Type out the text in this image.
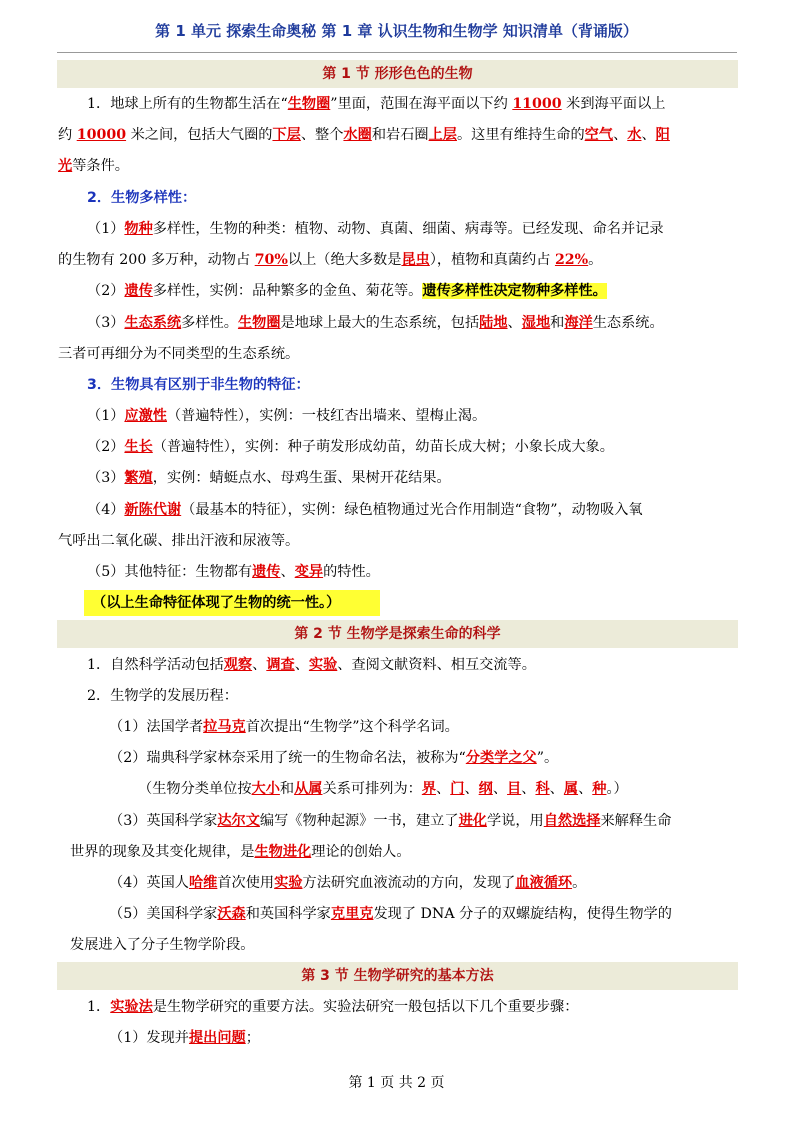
第 1 单元 探索生命奥秘 第 1 章 认识生物和生物学 知识清单（背诵版）
第 1 节 形形色色的生物
1．地球上所有的生物都生活在“生物圈”里面，范围在海平面以下约 11000 米到海平面以上
约 10000 米之间，包括大气圈的下层、整个水圈和岩石圈上层。这里有维持生命的空气、水、阳
光等条件。
2．生物多样性：
（1）物种多样性，生物的种类：植物、动物、真菌、细菌、病毒等。已经发现、命名并记录
的生物有 200 多万种，动物占 70%以上（绝大多数是昆虫），植物和真菌约占 22%。
（2）遗传多样性，实例：品种繁多的金鱼、菊花等。遗传多样性决定物种多样性。
（3）生态系统多样性。生物圈是地球上最大的生态系统，包括陆地、湿地和海洋生态系统。
三者可再细分为不同类型的生态系统。
3．生物具有区别于非生物的特征：
（1）应激性（普遍特性），实例：一枝红杏出墙来、望梅止渴。
（2）生长（普遍特性），实例：种子萌发形成幼苗，幼苗长成大树；小象长成大象。
（3）繁殖，实例：蜻蜓点水、母鸡生蛋、果树开花结果。
（4）新陈代谢（最基本的特征），实例：绿色植物通过光合作用制造“食物”，动物吸入氧
气呼出二氧化碳、排出汗液和尿液等。
（5）其他特征：生物都有遗传、变异的特性。
（以上生命特征体现了生物的统一性。）
第 2 节 生物学是探索生命的科学
1．自然科学活动包括观察、调查、实验、查阅文献资料、相互交流等。
2．生物学的发展历程：
（1）法国学者拉马克首次提出“生物学”这个科学名词。
（2）瑞典科学家林奈采用了统一的生物命名法，被称为“分类学之父”。
（生物分类单位按大小和从属关系可排列为：界、门、纲、目、科、属、种。）
（3）英国科学家达尔文编写《物种起源》一书，建立了进化学说，用自然选择来解释生命
世界的现象及其变化规律，是生物进化理论的创始人。
（4）英国人哈维首次使用实验方法研究血液流动的方向，发现了血液循环。
（5）美国科学家沃森和英国科学家克里克发现了 DNA 分子的双螺旋结构，使得生物学的
发展进入了分子生物学阶段。
第 3 节 生物学研究的基本方法
1．实验法是生物学研究的重要方法。实验法研究一般包括以下几个重要步骤：
（1）发现并提出问题；
第 1 页 共 2 页
